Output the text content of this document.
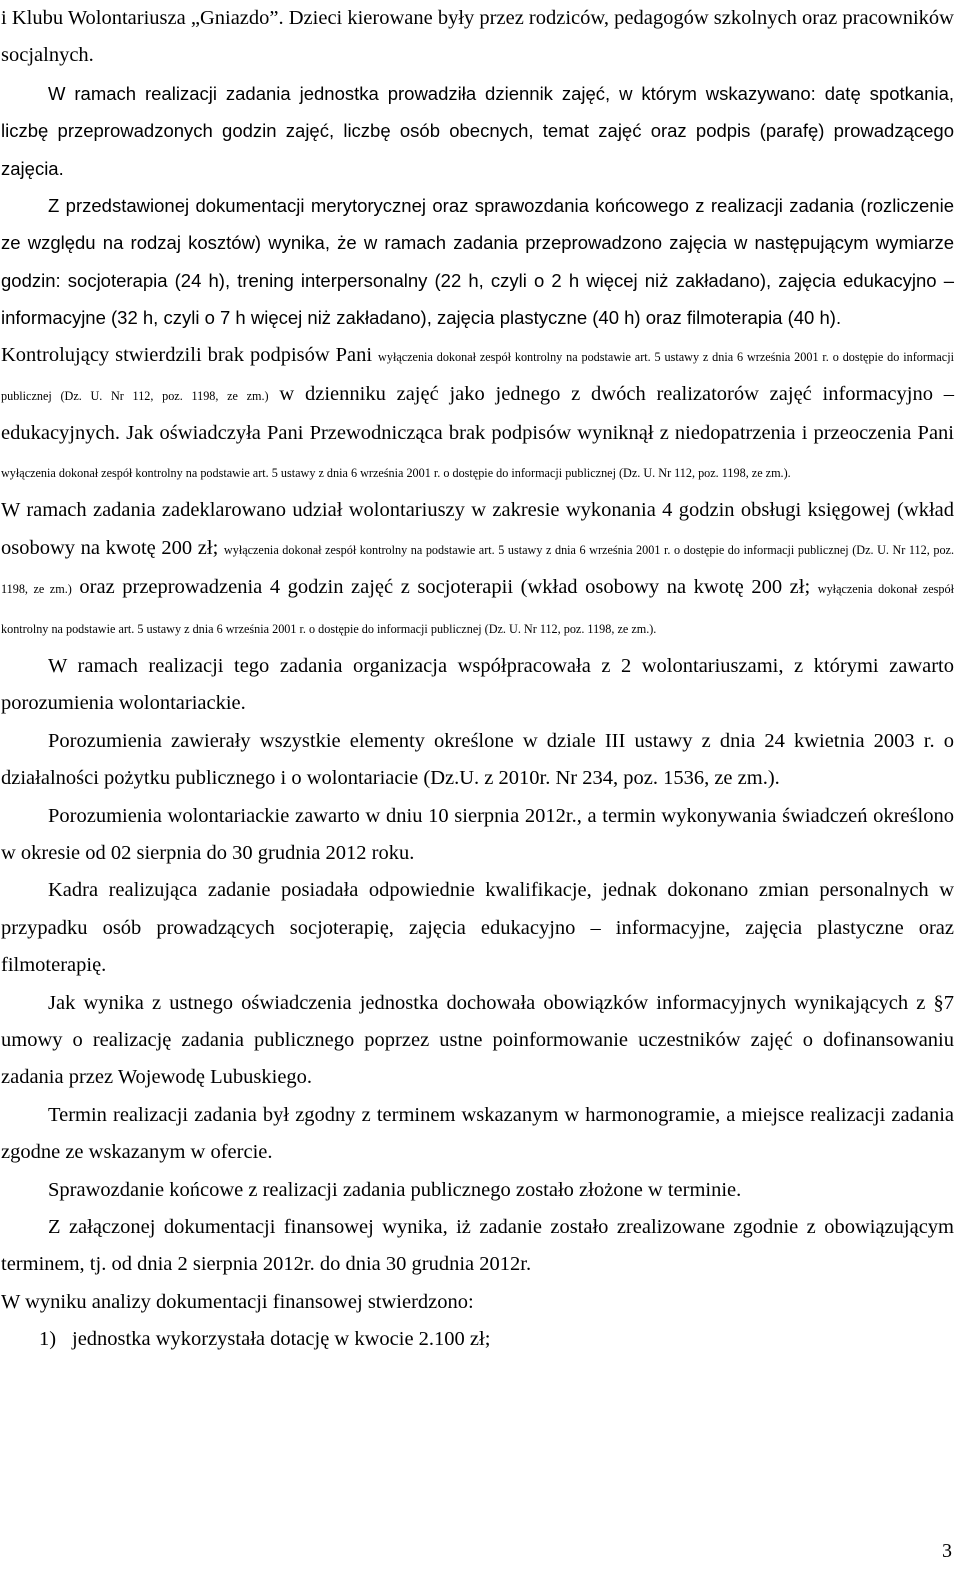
i Klubu Wolontariusza „Gniazdo”. Dzieci kierowane były przez rodziców, pedagogów szkolnych oraz pracowników socjalnych.

W ramach realizacji zadania jednostka prowadziła dziennik zajęć, w którym wskazywano: datę spotkania, liczbę przeprowadzonych godzin zajęć, liczbę osób obecnych, temat zajęć oraz podpis (parafę) prowadzącego zajęcia.

Z przedstawionej dokumentacji merytorycznej oraz sprawozdania końcowego z realizacji zadania (rozliczenie ze względu na rodzaj kosztów) wynika, że w ramach zadania przeprowadzono zajęcia w następującym wymiarze godzin: socjoterapia (24 h), trening interpersonalny (22 h, czyli o 2 h więcej niż zakładano), zajęcia edukacyjno – informacyjne (32 h, czyli o 7 h więcej niż zakładano), zajęcia plastyczne (40 h) oraz filmoterapia (40 h).

Kontrolujący stwierdzili brak podpisów Pani wyłączenia dokonał zespół kontrolny na podstawie art. 5 ustawy z dnia 6 września 2001 r. o dostępie do informacji publicznej (Dz. U. Nr 112, poz. 1198, ze zm.) w dzienniku zajęć jako jednego z dwóch realizatorów zajęć informacyjno – edukacyjnych. Jak oświadczyła Pani Przewodnicząca brak podpisów wyniknął z niedopatrzenia i przeoczenia Pani wyłączenia dokonał zespół kontrolny na podstawie art. 5 ustawy z dnia 6 września 2001 r. o dostępie do informacji publicznej (Dz. U. Nr 112, poz. 1198, ze zm.).

W ramach zadania zadeklarowano udział wolontariuszy w zakresie wykonania 4 godzin obsługi księgowej (wkład osobowy na kwotę 200 zł; wyłączenia dokonał zespół kontrolny na podstawie art. 5 ustawy z dnia 6 września 2001 r. o dostępie do informacji publicznej (Dz. U. Nr 112, poz. 1198, ze zm.) oraz przeprowadzenia 4 godzin zajęć z socjoterapii (wkład osobowy na kwotę 200 zł; wyłączenia dokonał zespół kontrolny na podstawie art. 5 ustawy z dnia 6 września 2001 r. o dostępie do informacji publicznej (Dz. U. Nr 112, poz. 1198, ze zm.).

W ramach realizacji tego zadania organizacja współpracowała z 2 wolontariuszami, z którymi zawarto porozumienia wolontariackie.

Porozumienia zawierały wszystkie elementy określone w dziale III ustawy z dnia 24 kwietnia 2003 r. o działalności pożytku publicznego i o wolontariacie (Dz.U. z 2010r. Nr 234, poz. 1536, ze zm.).

Porozumienia wolontariackie zawarto w dniu 10 sierpnia 2012r., a termin wykonywania świadczeń określono w okresie od 02 sierpnia do 30 grudnia 2012 roku.

Kadra realizująca zadanie posiadała odpowiednie kwalifikacje, jednak dokonano zmian personalnych w przypadku osób prowadzących socjoterapię, zajęcia edukacyjno – informacyjne, zajęcia plastyczne oraz filmoterapię.

Jak wynika z ustnego oświadczenia jednostka dochowała obowiązków informacyjnych wynikających z §7 umowy o realizację zadania publicznego poprzez ustne poinformowanie uczestników zajęć o dofinansowaniu zadania przez Wojewodę Lubuskiego.

Termin realizacji zadania był zgodny z terminem wskazanym w harmonogramie, a miejsce realizacji zadania zgodne ze wskazanym w ofercie.

Sprawozdanie końcowe z realizacji zadania publicznego zostało złożone w terminie.

Z załączonej dokumentacji finansowej wynika, iż zadanie zostało zrealizowane zgodnie z obowiązującym terminem, tj. od dnia 2 sierpnia 2012r. do dnia 30 grudnia 2012r.

W wyniku analizy dokumentacji finansowej stwierdzono:

1) jednostka wykorzystała dotację w kwocie 2.100 zł;

3
